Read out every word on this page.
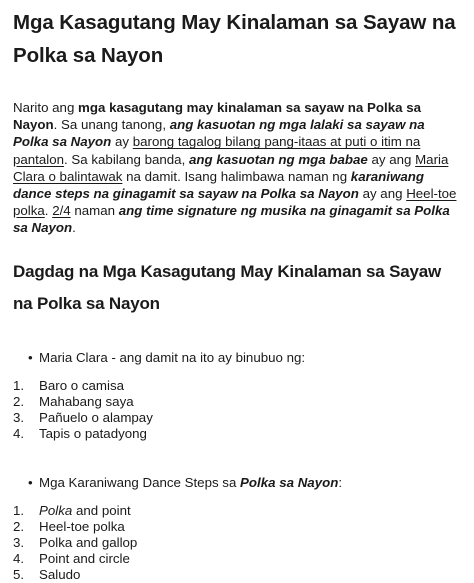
Mga Kasagutang May Kinalaman sa Sayaw na Polka sa Nayon

Narito ang mga kasagutang may kinalaman sa sayaw na Polka sa Nayon. Sa unang tanong, ang kasuotan ng mga lalaki sa sayaw na Polka sa Nayon ay barong tagalog bilang pang-itaas at puti o itim na pantalon. Sa kabilang banda, ang kasuotan ng mga babae ay ang Maria Clara o balintawak na damit. Isang halimbawa naman ng karaniwang dance steps na ginagamit sa sayaw na Polka sa Nayon ay ang Heel-toe polka. 2/4 naman ang time signature ng musika na ginagamit sa Polka sa Nayon.

Dagdag na Mga Kasagutang May Kinalaman sa Sayaw na Polka sa Nayon
• Maria Clara - ang damit na ito ay binubuo ng:
1.	Baro o camisa
2.	Mahabang saya
3.	Pañuelo o alampay
4.	Tapis o patadyong
• Mga Karaniwang Dance Steps sa Polka sa Nayon:
1.	Polka and point
2.	Heel-toe polka
3.	Polka and gallop
4.	Point and circle
5.	Saludo
